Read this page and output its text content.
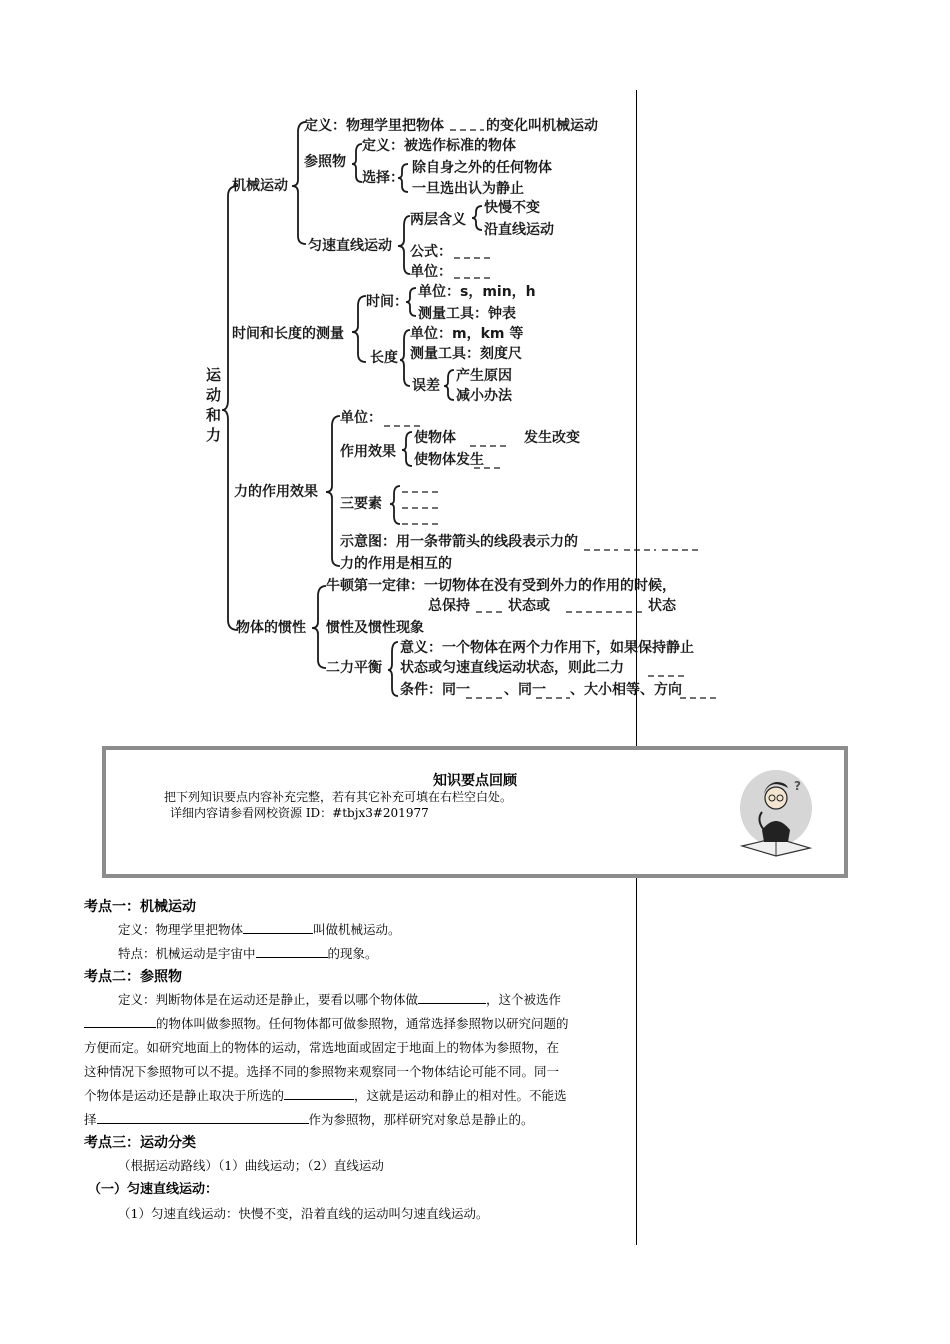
运
动
和
力
机械运动
定义：物理学里把物体	的变化叫机械运动
参照物
定义：被选作标准的物体
选择：
除自身之外的任何物体
一旦选出认为静止
匀速直线运动
两层含义
快慢不变
沿直线运动
公式：
单位：
时间和长度的测量
时间：
单位：s，min，h
测量工具：钟表
长度
单位：m，km 等
测量工具：刻度尺
误差
产生原因
减小办法
力的作用效果
单位：
作用效果
使物体	发生改变
使物体发生
三要素
示意图：用一条带箭头的线段表示力的
力的作用是相互的
物体的惯性
牛顿第一定律：一切物体在没有受到外力的作用的时候，
总保持	状态或	状态
惯性及惯性现象
二力平衡
意义：一个物体在两个力作用下，如果保持静止
状态或匀速直线运动状态，则此二力
条件：同一 、同一 、大小相等、方向
知识要点回顾
把下列知识要点内容补充完整，若有其它补充可填在右栏空白处。
详细内容请参看网校资源 ID：#tbjx3#201977
?
考点一：机械运动
定义：物理学里把物体	叫做机械运动。
特点：机械运动是宇宙中	的现象。
考点二：参照物
定义：判断物体是在运动还是静止，要看以哪个物体做	，这个被选作
的物体叫做参照物。任何物体都可做参照物，通常选择参照物以研究问题的
方便而定。如研究地面上的物体的运动，常选地面或固定于地面上的物体为参照物，在
这种情况下参照物可以不提。选择不同的参照物来观察同一个物体结论可能不同。同一
个物体是运动还是静止取决于所选的	，这就是运动和静止的相对性。不能选
择	作为参照物，那样研究对象总是静止的。
考点三：运动分类
（根据运动路线）（1）曲线运动；（2）直线运动
（一）匀速直线运动：
（1）匀速直线运动：快慢不变，沿着直线的运动叫匀速直线运动。
